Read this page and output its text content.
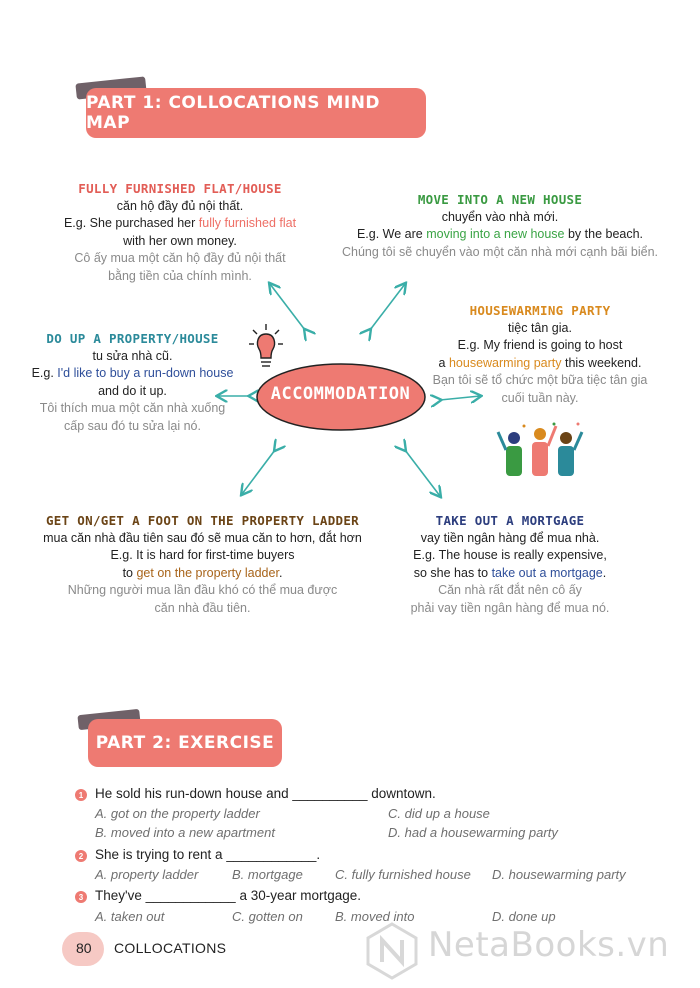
PART 1: COLLOCATIONS MIND MAP
ACCOMMODATION
FULLY FURNISHED FLAT/HOUSE
căn hộ đầy đủ nội thất.
E.g. She purchased her fully furnished flat
with her own money.
Cô ấy mua một căn hộ đầy đủ nội thất
bằng tiền của chính mình.
MOVE INTO A NEW HOUSE
chuyển vào nhà mới.
E.g. We are moving into a new house by the beach.
Chúng tôi sẽ chuyển vào một căn nhà mới cạnh bãi biển.
HOUSEWARMING PARTY
tiệc tân gia.
E.g. My friend is going to host
a housewarming party this weekend.
Bạn tôi sẽ tổ chức một bữa tiệc tân gia
cuối tuần này.
DO UP A PROPERTY/HOUSE
tu sửa nhà cũ.
E.g. I'd like to buy a run-down house
and do it up.
Tôi thích mua một căn nhà xuống
cấp sau đó tu sửa lại nó.
GET ON/GET A FOOT ON THE PROPERTY LADDER
mua căn nhà đầu tiên sau đó sẽ mua căn to hơn, đắt hơn
E.g. It is hard for first-time buyers
to get on the property ladder.
Những người mua lần đầu khó có thể mua được
căn nhà đầu tiên.
TAKE OUT A MORTGAGE
vay tiền ngân hàng để mua nhà.
E.g. The house is really expensive,
so she has to take out a mortgage.
Căn nhà rất đắt nên cô ấy
phải vay tiền ngân hàng để mua nó.
PART 2: EXERCISE
1 He sold his run-down house and __________ downtown.
A. got on the property ladder	C. did up a house
B. moved into a new apartment	D. had a housewarming party
2 She is trying to rent a ____________.
A. property ladder	B. mortgage C. fully furnished house D. housewarming party
3 They've ____________ a 30-year mortgage.
A. taken out	C. gotten on B. moved into	D. done up
80 COLLOCATIONS	NetaBooks.vn
